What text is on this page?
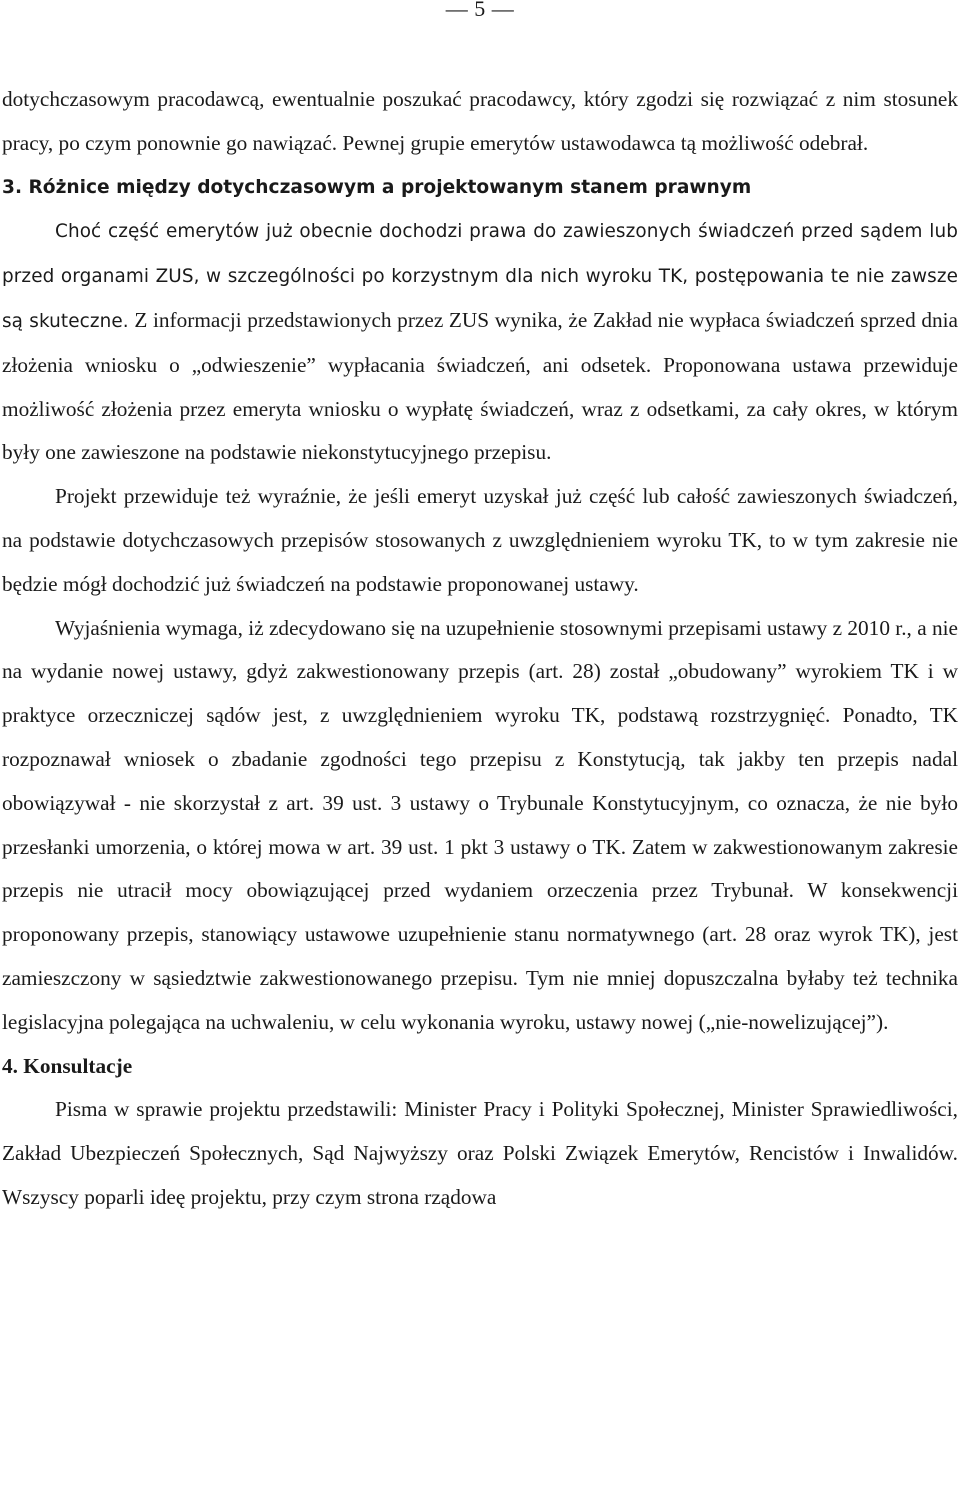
— 5 —

dotychczasowym pracodawcą, ewentualnie poszukać pracodawcy, który zgodzi się rozwiązać z nim stosunek pracy, po czym ponownie go nawiązać. Pewnej grupie emerytów ustawodawca tą możliwość odebrał.

3. Różnice między dotychczasowym a projektowanym stanem prawnym

Choć część emerytów już obecnie dochodzi prawa do zawieszonych świadczeń przed sądem lub przed organami ZUS, w szczególności po korzystnym dla nich wyroku TK, postępowania te nie zawsze są skuteczne. Z informacji przedstawionych przez ZUS wynika, że Zakład nie wypłaca świadczeń sprzed dnia złożenia wniosku o „odwieszenie” wypłacania świadczeń, ani odsetek. Proponowana ustawa przewiduje możliwość złożenia przez emeryta wniosku o wypłatę świadczeń, wraz z odsetkami, za cały okres, w którym były one zawieszone na podstawie niekonstytucyjnego przepisu.

Projekt przewiduje też wyraźnie, że jeśli emeryt uzyskał już część lub całość zawieszonych świadczeń, na podstawie dotychczasowych przepisów stosowanych z uwzględnieniem wyroku TK, to w tym zakresie nie będzie mógł dochodzić już świadczeń na podstawie proponowanej ustawy.

Wyjaśnienia wymaga, iż zdecydowano się na uzupełnienie stosownymi przepisami ustawy z 2010 r., a nie na wydanie nowej ustawy, gdyż zakwestionowany przepis (art. 28) został „obudowany” wyrokiem TK i w praktyce orzeczniczej sądów jest, z uwzględnieniem wyroku TK, podstawą rozstrzygnięć. Ponadto, TK rozpoznawał wniosek o zbadanie zgodności tego przepisu z Konstytucją, tak jakby ten przepis nadal obowiązywał - nie skorzystał z art. 39 ust. 3 ustawy o Trybunale Konstytucyjnym, co oznacza, że nie było przesłanki umorzenia, o której mowa w art. 39 ust. 1 pkt 3 ustawy o TK. Zatem w zakwestionowanym zakresie przepis nie utracił mocy obowiązującej przed wydaniem orzeczenia przez Trybunał. W konsekwencji proponowany przepis, stanowiący ustawowe uzupełnienie stanu normatywnego (art. 28 oraz wyrok TK), jest zamieszczony w sąsiedztwie zakwestionowanego przepisu. Tym nie mniej dopuszczalna byłaby też technika legislacyjna polegająca na uchwaleniu, w celu wykonania wyroku, ustawy nowej („nie-nowelizującej”).

4. Konsultacje

Pisma w sprawie projektu przedstawili: Minister Pracy i Polityki Społecznej, Minister Sprawiedliwości, Zakład Ubezpieczeń Społecznych, Sąd Najwyższy oraz Polski Związek Emerytów, Rencistów i Inwalidów. Wszyscy poparli ideę projektu, przy czym strona rządowa
